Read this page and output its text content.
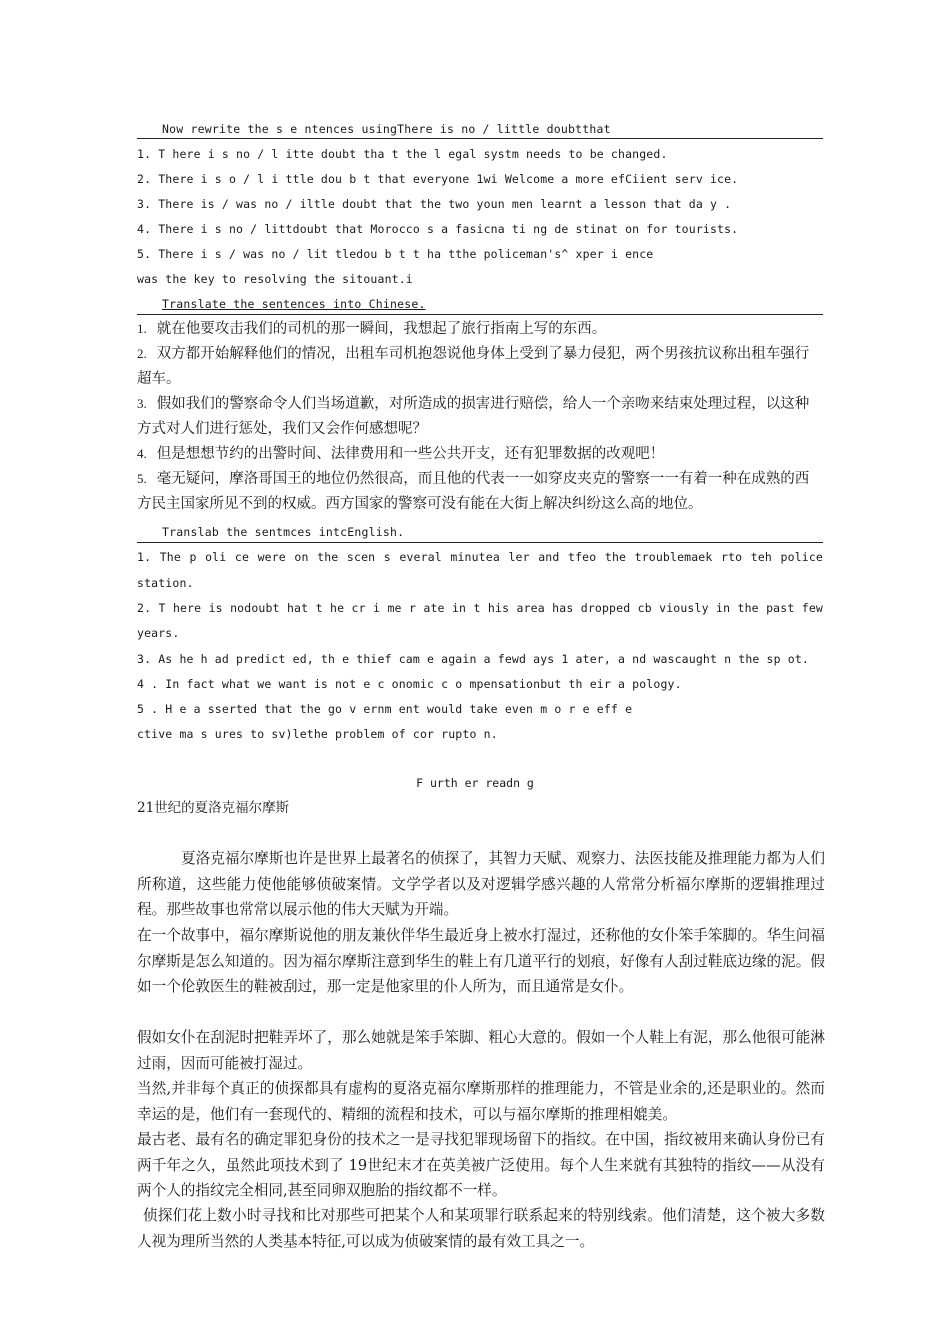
Now rewrite the s e ntences usingThere is no / little doubtthat
1. T here i s no / l itte doubt tha t the l egal systm needs to be changed.
2. There i s o / l i ttle dou b t that everyone 1wi Welcome a more efCiient serv ice.
3. There is / was no / iltle doubt that the two youn men learnt a lesson that da y .
4. There i s no / littdoubt that Morocco s a fasicna ti ng de stinat on for tourists.
5. There i s / was no / lit tledou b t t ha tthe policeman's^ xper i ence
was the key to resolving the sitouant.i
Translate the sentences into Chinese.
1. 就在他要攻击我们的司机的那一瞬间，我想起了旅行指南上写的东西。
2. 双方都开始解释他们的情况，出租车司机抱怨说他身体上受到了暴力侵犯，两个男孩抗议称出租车强行超车。
3. 假如我们的警察命令人们当场道歉，对所造成的损害进行赔偿，给人一个亲吻来结束处理过程，以这种方式对人们进行惩处，我们又会作何感想呢？
4. 但是想想节约的出警时间、法律费用和一些公共开支，还有犯罪数据的改观吧！
5. 毫无疑问，摩洛哥国王的地位仍然很高，而且他的代表一一如穿皮夹克的警察一一有着一种在成熟的西方民主国家所见不到的权威。西方国家的警察可没有能在大街上解决纠纷这么高的地位。
Translab the sentmces intcEnglish.
1. The p oli ce were on the scen s everal minutea ler and tfeo the troublemaek rto teh police
station.
2. T here is nodoubt hat t he cr i me r ate in t his area has dropped cb viously in the past few
years.
3. As he h ad predict ed, th e thief cam e again a fewd ays 1 ater, a nd wascaught n the sp ot.
4 . In fact what we want is not e c onomic c o mpensationbut th eir a pology.
5 . H e a sserted that the go v ernm ent would take even m o r e eff e
ctive ma s ures to sv)lethe problem of cor rupto n.
F urth er readn g
21世纪的夏洛克福尔摩斯
夏洛克福尔摩斯也许是世界上最著名的侦探了，其智力天赋、观察力、法医技能及推理能力都为人们所称道，这些能力使他能够侦破案情。文学学者以及对逻辑学感兴趣的人常常分析福尔摩斯的逻辑推理过程。那些故事也常常以展示他的伟大天赋为开端。
在一个故事中，福尔摩斯说他的朋友兼伙伴华生最近身上被水打湿过，还称他的女仆笨手笨脚的。华生问福尔摩斯是怎么知道的。因为福尔摩斯注意到华生的鞋上有几道平行的划痕，好像有人刮过鞋底边缘的泥。假如一个伦敦医生的鞋被刮过，那一定是他家里的仆人所为，而且通常是女仆。
假如女仆在刮泥时把鞋弄坏了，那么她就是笨手笨脚、粗心大意的。假如一个人鞋上有泥，那么他很可能淋过雨，因而可能被打湿过。
当然,并非每个真正的侦探都具有虚构的夏洛克福尔摩斯那样的推理能力，不管是业余的,还是职业的。然而幸运的是，他们有一套现代的、精细的流程和技术，可以与福尔摩斯的推理相媲美。
最古老、最有名的确定罪犯身份的技术之一是寻找犯罪现场留下的指纹。在中国，指纹被用来确认身份已有两千年之久，虽然此项技术到了 19世纪末才在英美被广泛使用。每个人生来就有其独特的指纹——从没有两个人的指纹完全相同,甚至同卵双胞胎的指纹都不一样。
侦探们花上数小时寻找和比对那些可把某个人和某项罪行联系起来的特别线索。他们清楚，这个被大多数人视为理所当然的人类基本特征,可以成为侦破案情的最有效工具之一。
